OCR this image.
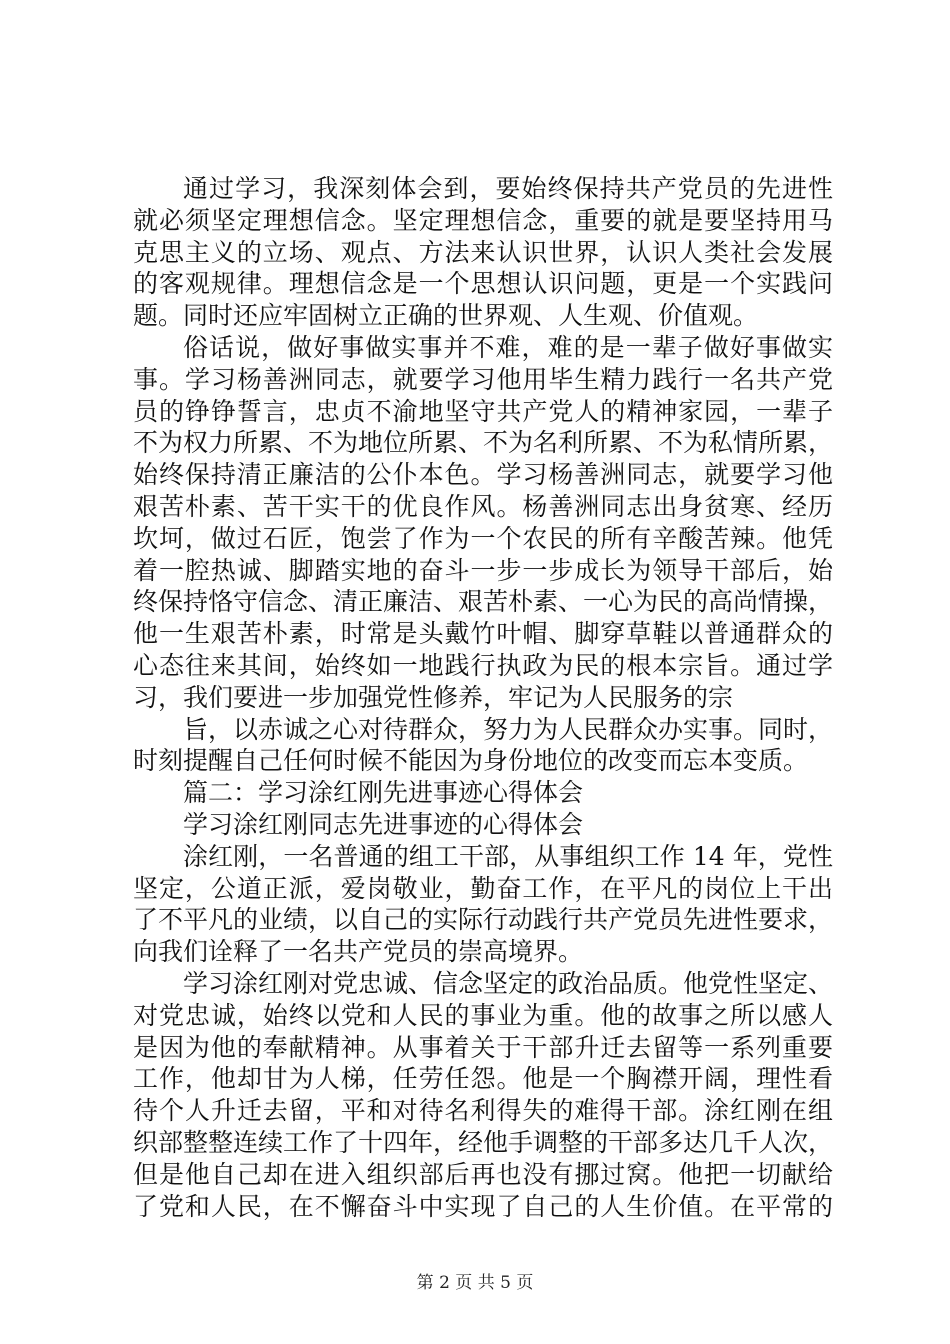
通过学习，我深刻体会到，要始终保持共产党员的先进性
就必须坚定理想信念。坚定理想信念，重要的就是要坚持用马
克思主义的立场、观点、方法来认识世界，认识人类社会发展
的客观规律。理想信念是一个思想认识问题，更是一个实践问
题。同时还应牢固树立正确的世界观、人生观、价值观。
俗话说，做好事做实事并不难，难的是一辈子做好事做实
事。学习杨善洲同志，就要学习他用毕生精力践行一名共产党
员的铮铮誓言，忠贞不渝地坚守共产党人的精神家园，一辈子
不为权力所累、不为地位所累、不为名利所累、不为私情所累，
始终保持清正廉洁的公仆本色。学习杨善洲同志，就要学习他
艰苦朴素、苦干实干的优良作风。杨善洲同志出身贫寒、经历
坎坷，做过石匠，饱尝了作为一个农民的所有辛酸苦辣。他凭
着一腔热诚、脚踏实地的奋斗一步一步成长为领导干部后，始
终保持恪守信念、清正廉洁、艰苦朴素、一心为民的高尚情操，
他一生艰苦朴素，时常是头戴竹叶帽、脚穿草鞋以普通群众的
心态往来其间，始终如一地践行执政为民的根本宗旨。通过学
习，我们要进一步加强党性修养，牢记为人民服务的宗
旨，以赤诚之心对待群众，努力为人民群众办实事。同时，
时刻提醒自己任何时候不能因为身份地位的改变而忘本变质。
篇二：学习涂红刚先进事迹心得体会
学习涂红刚同志先进事迹的心得体会
涂红刚，一名普通的组工干部，从事组织工作 14 年，党性
坚定，公道正派，爱岗敬业，勤奋工作，在平凡的岗位上干出
了不平凡的业绩，以自己的实际行动践行共产党员先进性要求，
向我们诠释了一名共产党员的崇高境界。
学习涂红刚对党忠诚、信念坚定的政治品质。他党性坚定、
对党忠诚，始终以党和人民的事业为重。他的故事之所以感人
是因为他的奉献精神。从事着关于干部升迁去留等一系列重要
工作，他却甘为人梯，任劳任怨。他是一个胸襟开阔，理性看
待个人升迁去留，平和对待名利得失的难得干部。涂红刚在组
织部整整连续工作了十四年，经他手调整的干部多达几千人次，
但是他自己却在进入组织部后再也没有挪过窝。他把一切献给
了党和人民，在不懈奋斗中实现了自己的人生价值。在平常的
第 2 页 共 5 页
